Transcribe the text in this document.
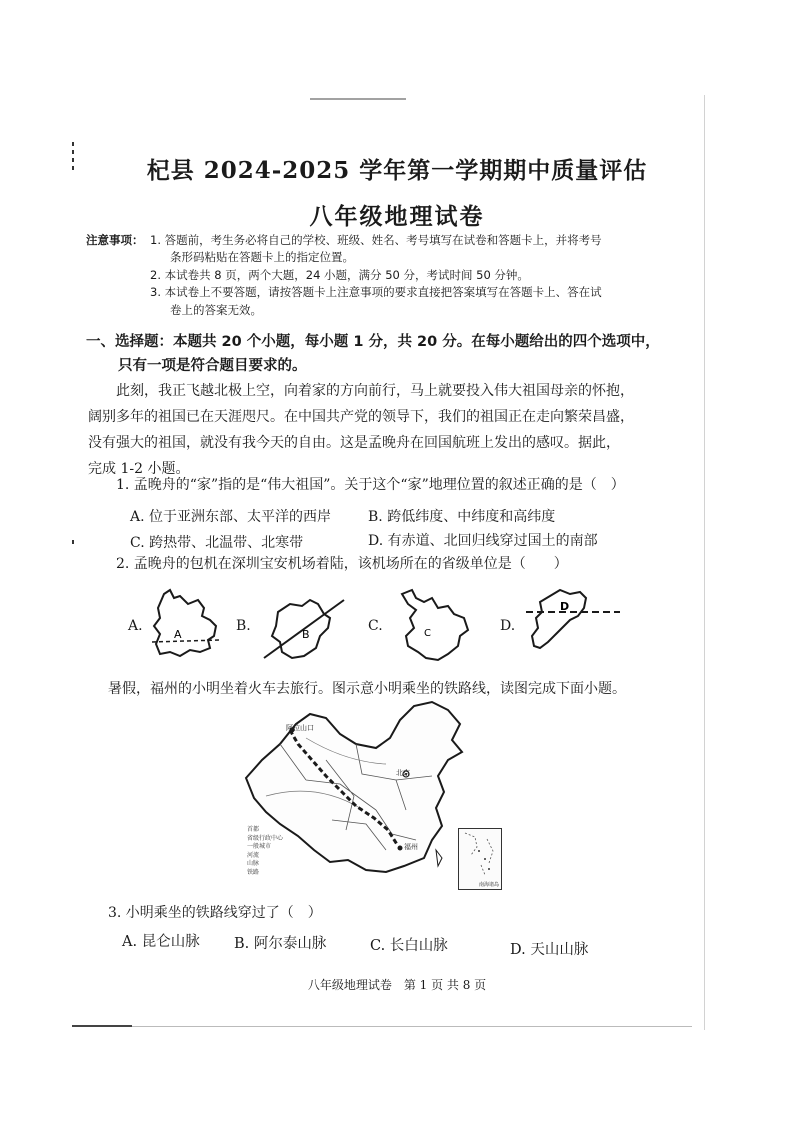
杞县 2024-2025 学年第一学期期中质量评估
八年级地理试卷
注意事项： 1. 答题前，考生务必将自己的学校、班级、姓名、考号填写在试卷和答题卡上，并将考号
条形码粘贴在答题卡上的指定位置。
2. 本试卷共 8 页，两个大题，24 小题，满分 50 分，考试时间 50 分钟。
3. 本试卷上不要答题，请按答题卡上注意事项的要求直接把答案填写在答题卡上、答在试
卷上的答案无效。
一、选择题：本题共 20 个小题，每小题 1 分，共 20 分。在每小题给出的四个选项中，
只有一项是符合题目要求的。
此刻，我正飞越北极上空，向着家的方向前行，马上就要投入伟大祖国母亲的怀抱，
阔别多年的祖国已在天涯咫尺。在中国共产党的领导下，我们的祖国正在走向繁荣昌盛，
没有强大的祖国，就没有我今天的自由。这是孟晚舟在回国航班上发出的感叹。据此，
完成 1-2 小题。
1. 孟晚舟的“家”指的是“伟大祖国”。关于这个“家”地理位置的叙述正确的是（　）
A. 位于亚洲东部、太平洋的西岸	B. 跨低纬度、中纬度和高纬度
C. 跨热带、北温带、北寒带	D. 有赤道、北回归线穿过国土的南部
2. 孟晚舟的包机在深圳宝安机场着陆，该机场所在的省级单位是（　　）
A.
A
B.
B
C.	C	D.
D
暑假，福州的小明坐着火车去旅行。图示意小明乘坐的铁路线，读图完成下面小题。
阿拉山口
北京
福州
首都
省级行政中心
一般城市
河流
山脉
铁路
南海诸岛
3. 小明乘坐的铁路线穿过了（　）
A. 昆仑山脉 B. 阿尔泰山脉	C. 长白山脉	D. 天山山脉
八年级地理试卷　第 1 页 共 8 页
